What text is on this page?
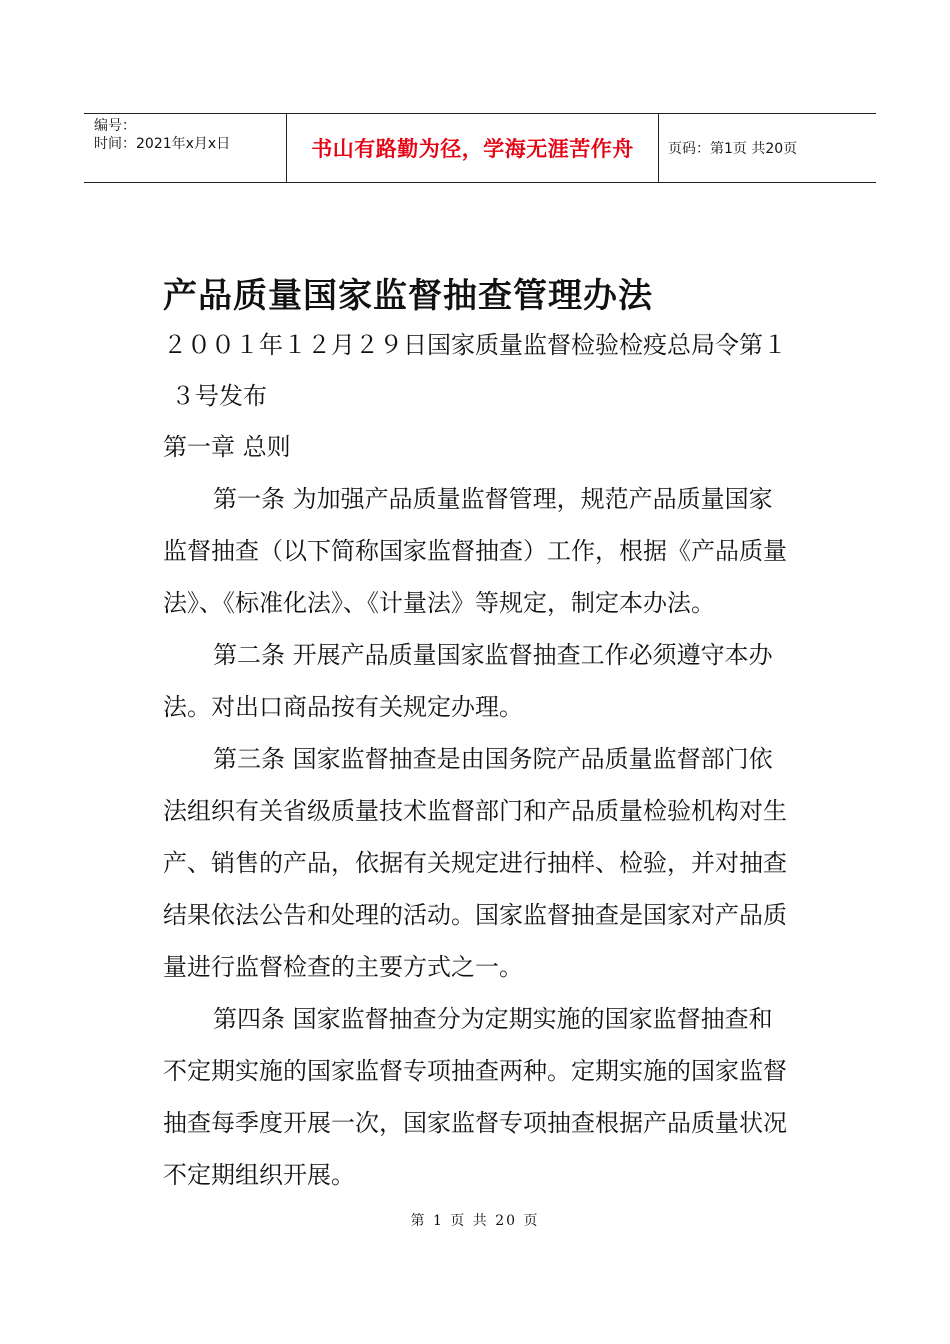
编号：
时间：2021年x月x日	书山有路勤为径，学海无涯苦作舟	页码：第1页 共20页
产品质量国家监督抽查管理办法
２００１年１２月２９日国家质量监督检验检疫总局令第１
３号发布
第一章 总则
第一条 为加强产品质量监督管理，规范产品质量国家
监督抽查（以下简称国家监督抽查）工作，根据《产品质量
法》、《标准化法》、《计量法》等规定，制定本办法。
第二条 开展产品质量国家监督抽查工作必须遵守本办
法。对出口商品按有关规定办理。
第三条 国家监督抽查是由国务院产品质量监督部门依
法组织有关省级质量技术监督部门和产品质量检验机构对生
产、销售的产品，依据有关规定进行抽样、检验，并对抽查
结果依法公告和处理的活动。国家监督抽查是国家对产品质
量进行监督检查的主要方式之一。
第四条 国家监督抽查分为定期实施的国家监督抽查和
不定期实施的国家监督专项抽查两种。定期实施的国家监督
抽查每季度开展一次，国家监督专项抽查根据产品质量状况
不定期组织开展。
第 1 页 共 20 页
